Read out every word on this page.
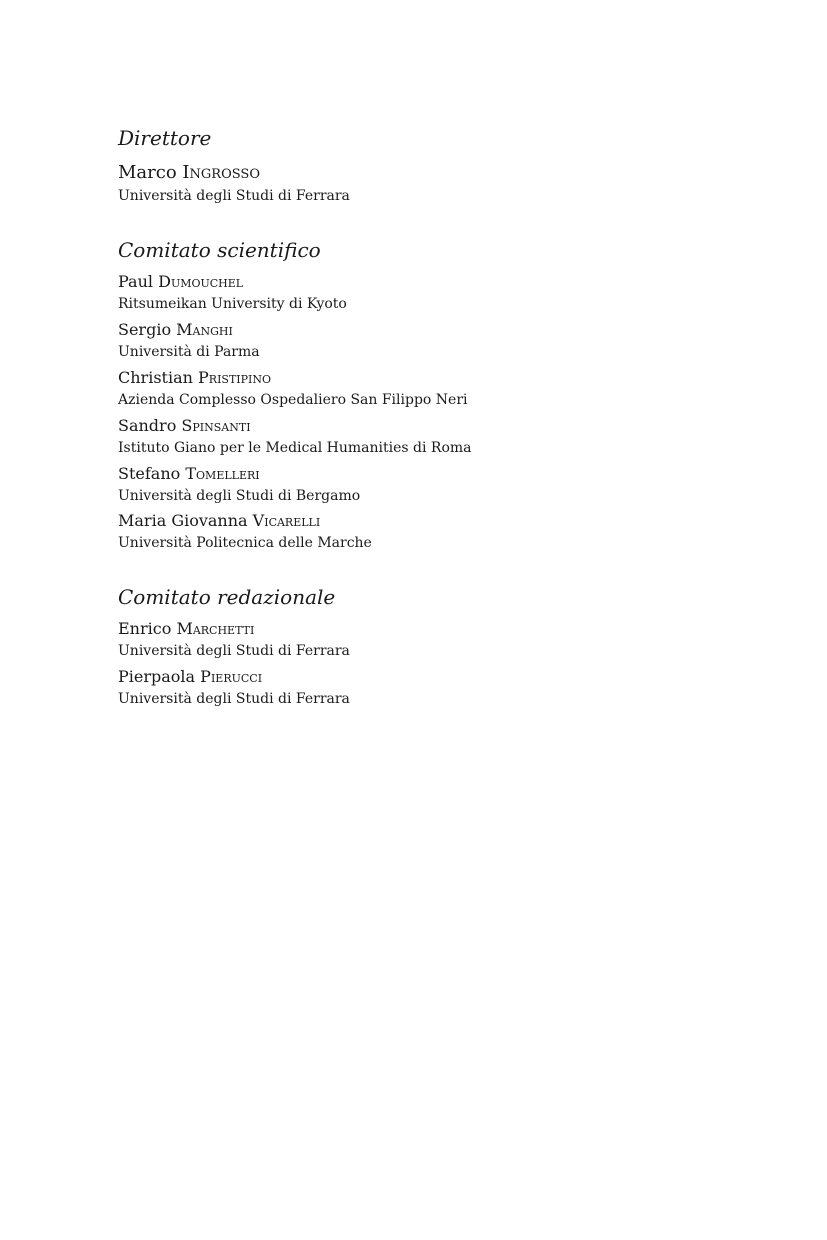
Direttore
Marco Ingrosso
Università degli Studi di Ferrara
Comitato scientifico
Paul Dumouchel
Ritsumeikan University di Kyoto
Sergio Manghi
Università di Parma
Christian Pristipino
Azienda Complesso Ospedaliero San Filippo Neri
Sandro Spinsanti
Istituto Giano per le Medical Humanities di Roma
Stefano Tomelleri
Università degli Studi di Bergamo
Maria Giovanna Vicarelli
Università Politecnica delle Marche
Comitato redazionale
Enrico Marchetti
Università degli Studi di Ferrara
Pierpaola Pierucci
Università degli Studi di Ferrara
